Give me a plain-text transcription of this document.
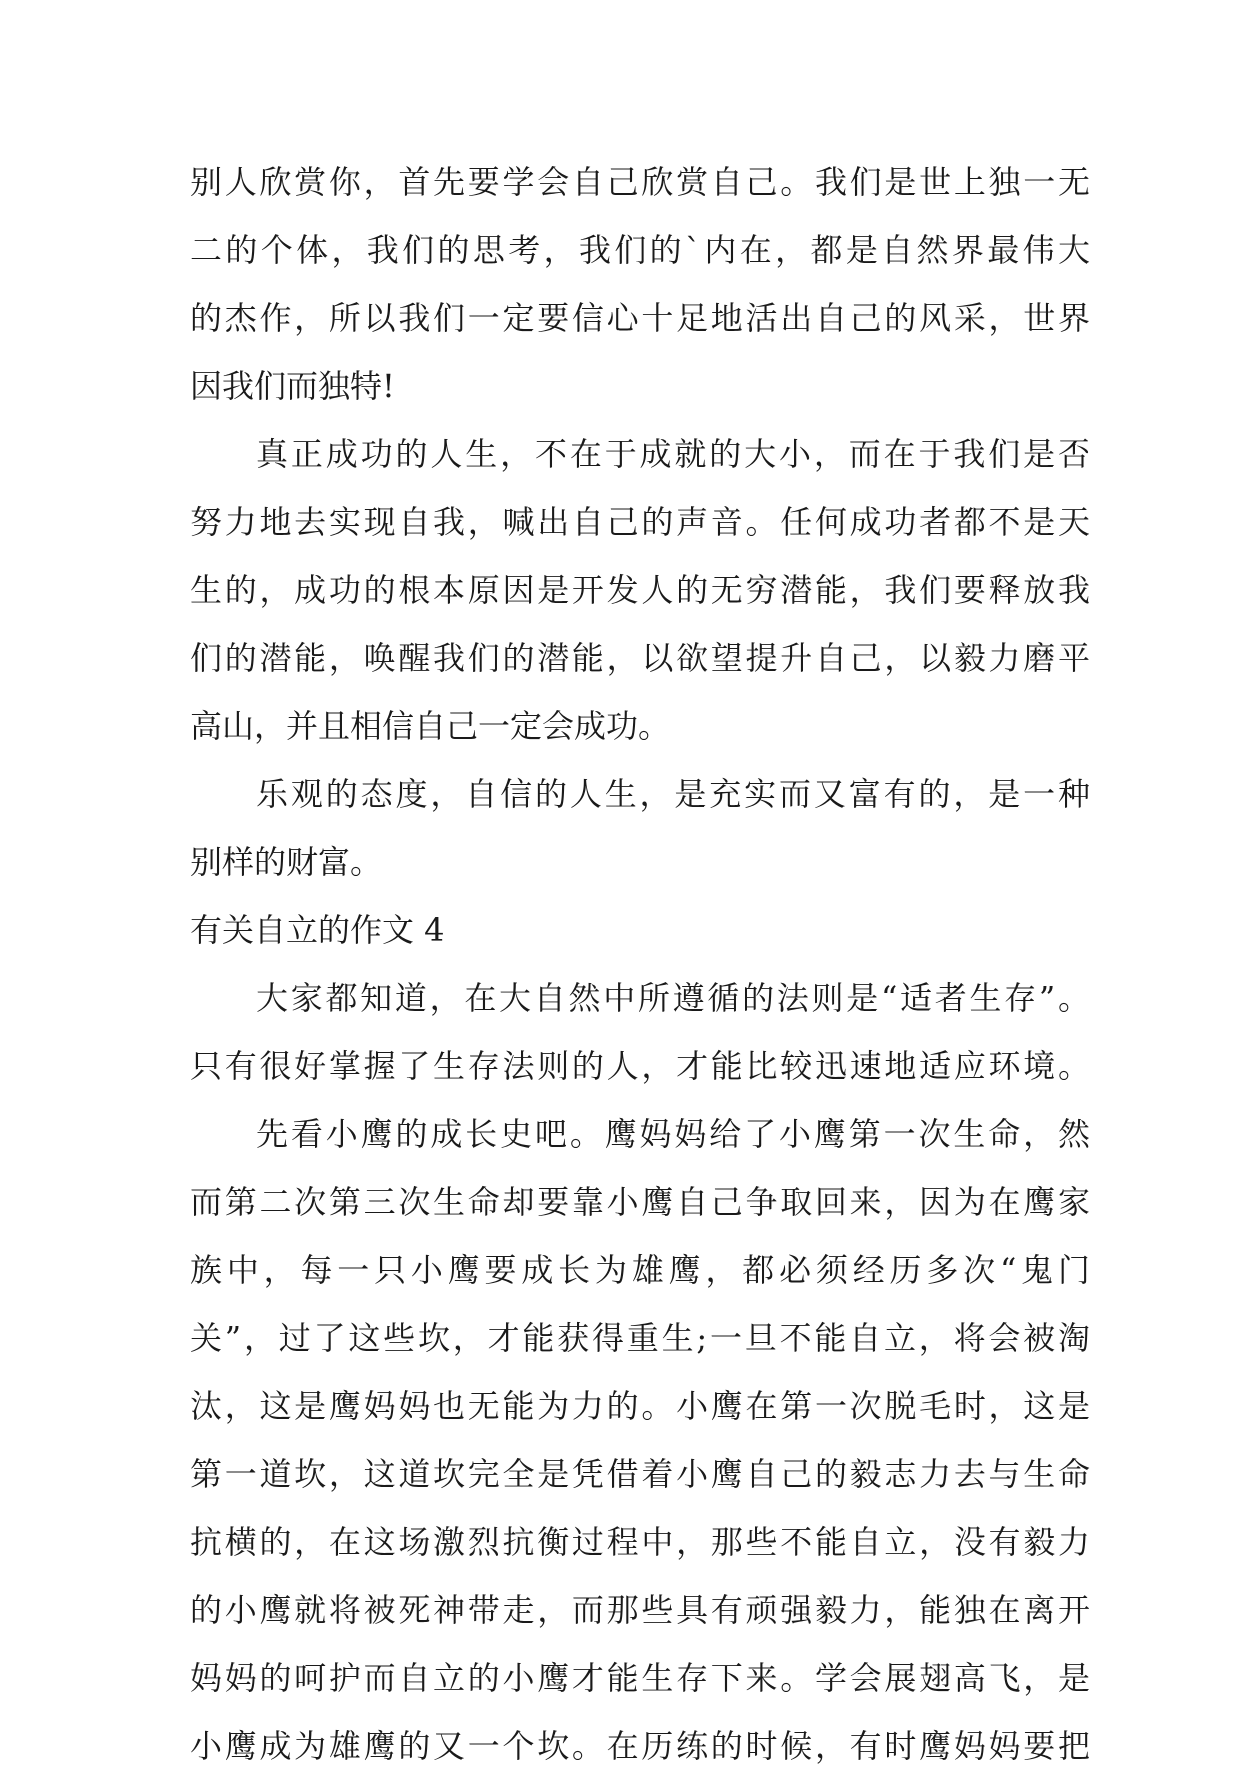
别人欣赏你，首先要学会自己欣赏自己。我们是世上独一无
二的个体，我们的思考，我们的`内在，都是自然界最伟大
的杰作，所以我们一定要信心十足地活出自己的风采，世界
因我们而独特!
真正成功的人生，不在于成就的大小，而在于我们是否
努力地去实现自我，喊出自己的声音。任何成功者都不是天
生的，成功的根本原因是开发人的无穷潜能，我们要释放我
们的潜能，唤醒我们的潜能，以欲望提升自己，以毅力磨平
高山，并且相信自己一定会成功。
乐观的态度，自信的人生，是充实而又富有的，是一种
别样的财富。
有关自立的作文 4
大家都知道，在大自然中所遵循的法则是“适者生存”。
只有很好掌握了生存法则的人，才能比较迅速地适应环境。
先看小鹰的成长史吧。鹰妈妈给了小鹰第一次生命，然
而第二次第三次生命却要靠小鹰自己争取回来，因为在鹰家
族中，每一只小鹰要成长为雄鹰，都必须经历多次“鬼门
关”，过了这些坎，才能获得重生;一旦不能自立，将会被淘
汰，这是鹰妈妈也无能为力的。小鹰在第一次脱毛时，这是
第一道坎，这道坎完全是凭借着小鹰自己的毅志力去与生命
抗横的，在这场激烈抗衡过程中，那些不能自立，没有毅力
的小鹰就将被死神带走，而那些具有顽强毅力，能独在离开
妈妈的呵护而自立的小鹰才能生存下来。学会展翅高飞，是
小鹰成为雄鹰的又一个坎。在历练的时候，有时鹰妈妈要把
